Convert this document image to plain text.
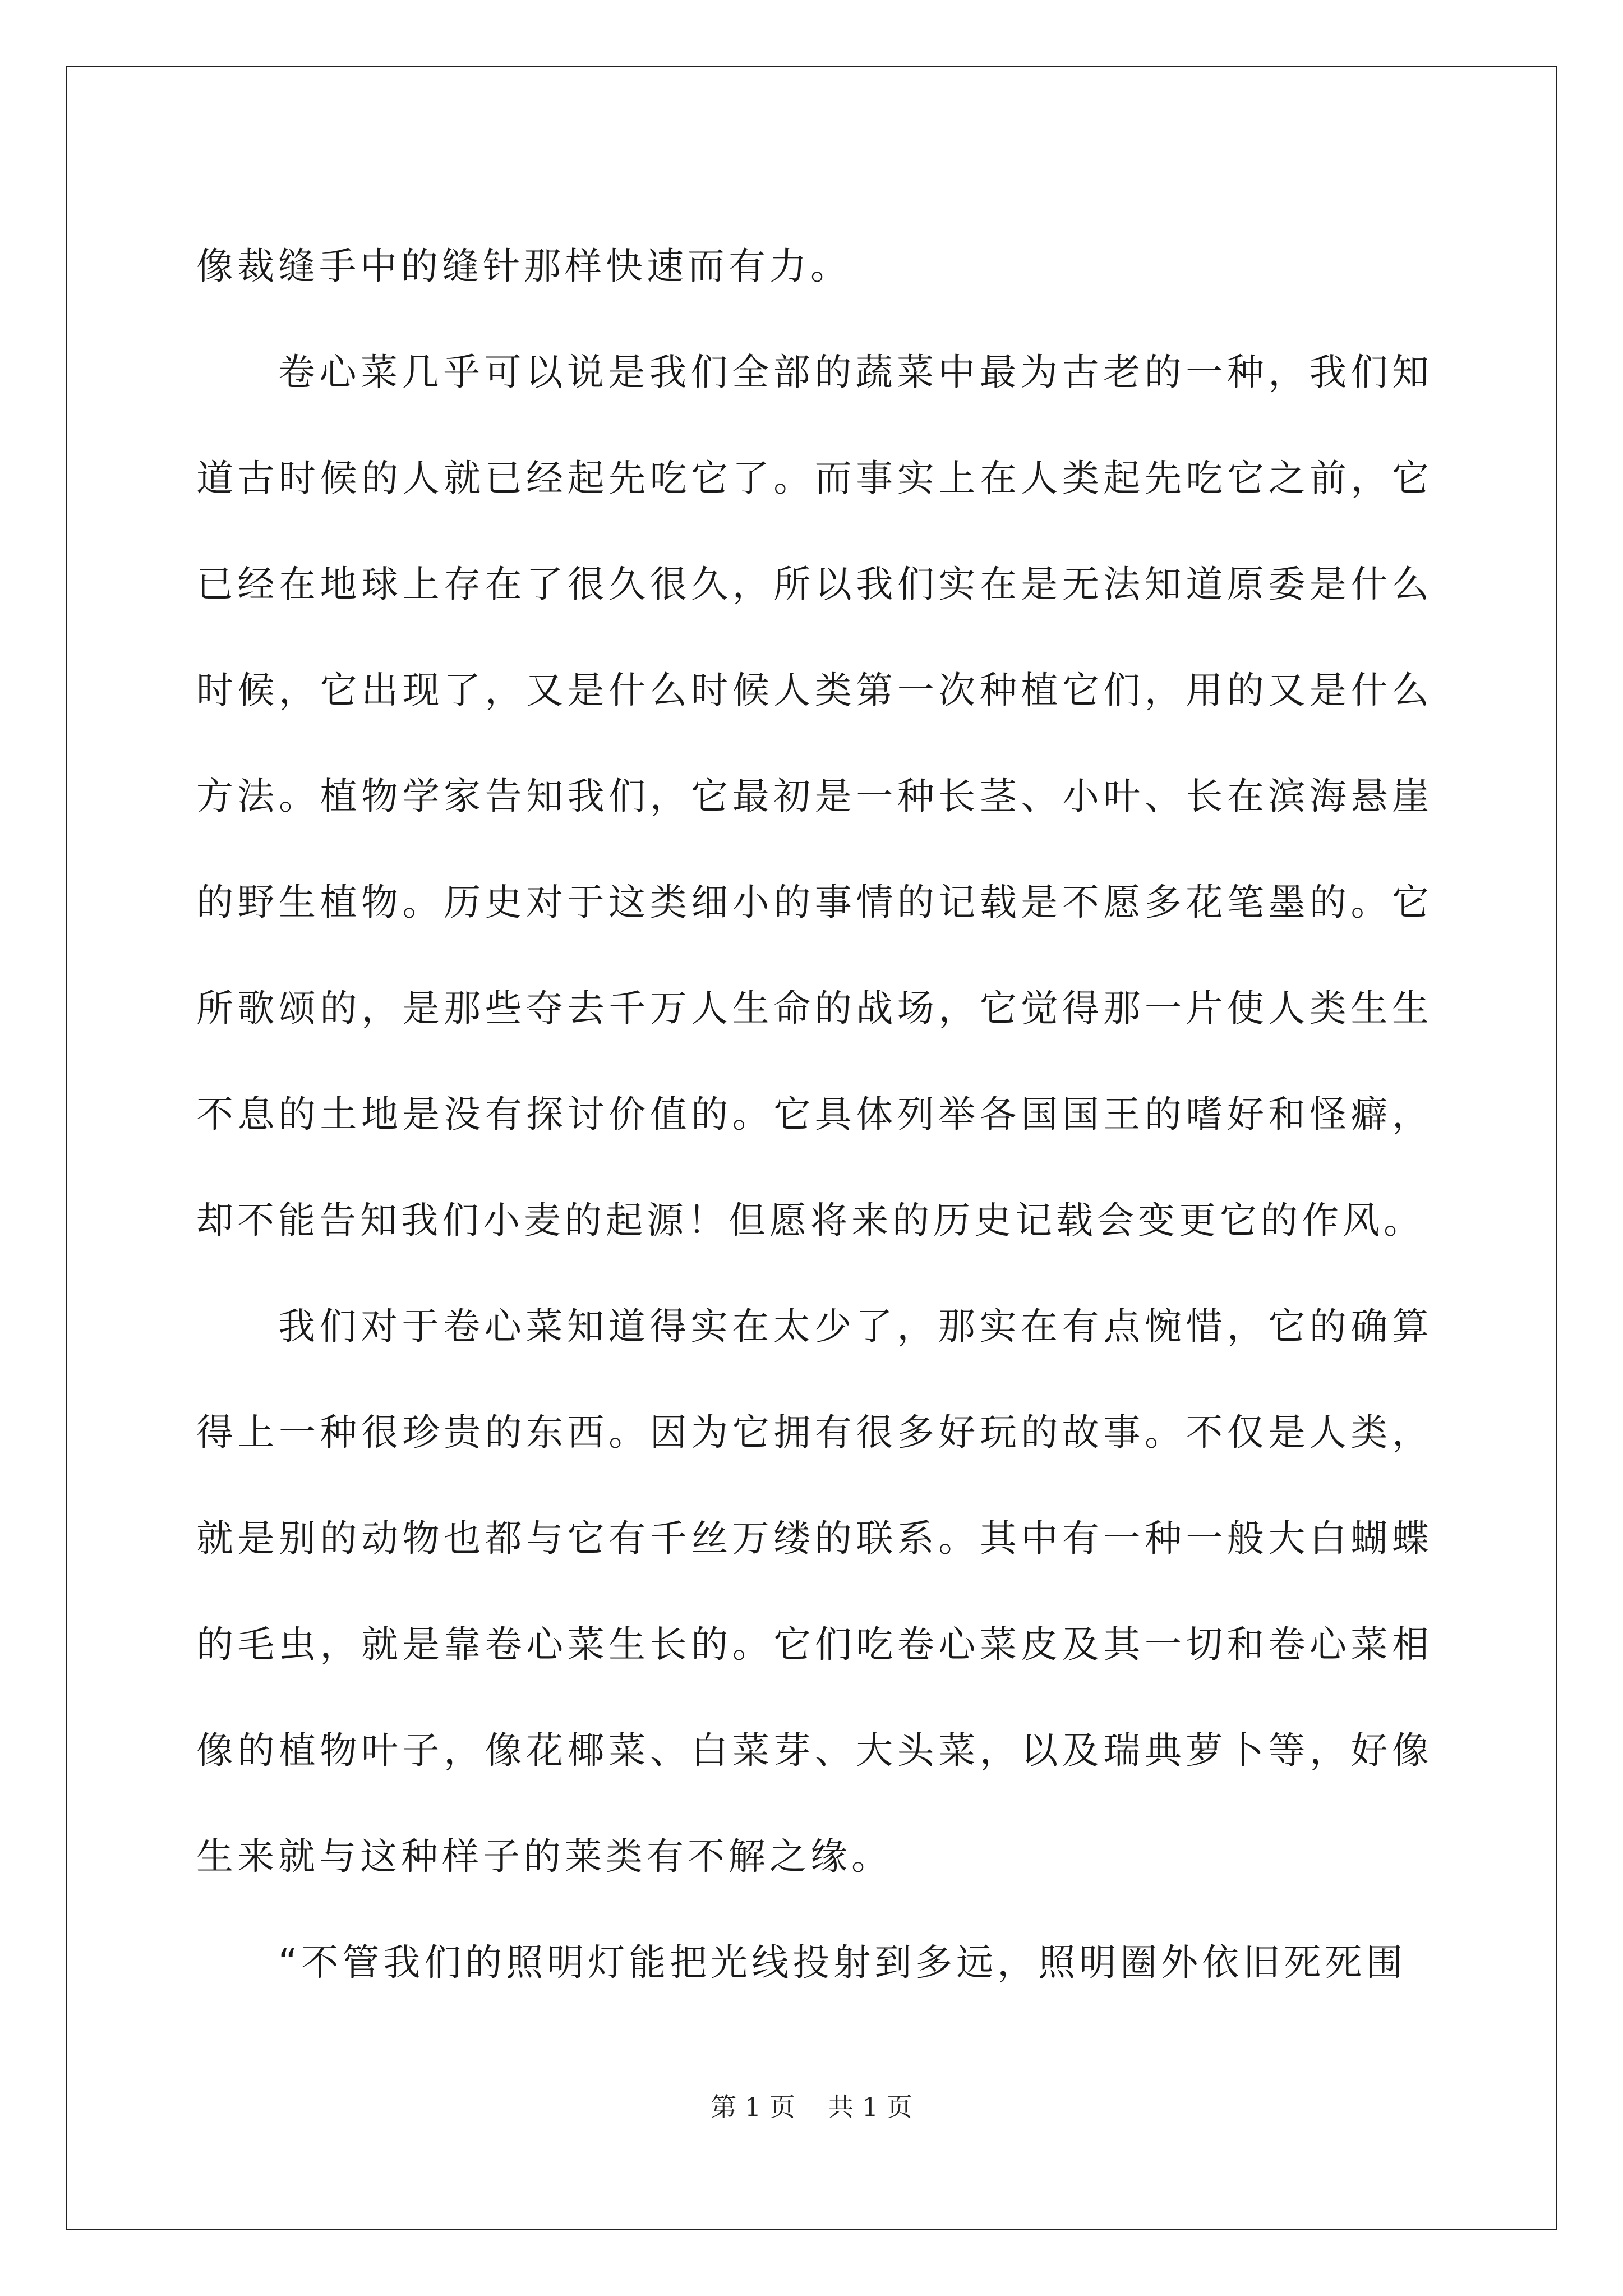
像裁缝手中的缝针那样快速而有力。

卷心菜几乎可以说是我们全部的蔬菜中最为古老的一种，我们知道古时候的人就已经起先吃它了。而事实上在人类起先吃它之前，它已经在地球上存在了很久很久，所以我们实在是无法知道原委是什么时候，它出现了，又是什么时候人类第一次种植它们，用的又是什么方法。植物学家告知我们，它最初是一种长茎、小叶、长在滨海悬崖的野生植物。历史对于这类细小的事情的记载是不愿多花笔墨的。它所歌颂的，是那些夺去千万人生命的战场，它觉得那一片使人类生生不息的土地是没有探讨价值的。它具体列举各国国王的嗜好和怪癖，却不能告知我们小麦的起源！但愿将来的历史记载会变更它的作风。

我们对于卷心菜知道得实在太少了，那实在有点惋惜，它的确算得上一种很珍贵的东西。因为它拥有很多好玩的故事。不仅是人类，就是别的动物也都与它有千丝万缕的联系。其中有一种一般大白蝴蝶的毛虫，就是靠卷心菜生长的。它们吃卷心菜皮及其一切和卷心菜相像的植物叶子，像花椰菜、白菜芽、大头菜，以及瑞典萝卜等，好像生来就与这种样子的莱类有不解之缘。

“不管我们的照明灯能把光线投射到多远，照明圈外依旧死死围

第 1 页    共 1 页
